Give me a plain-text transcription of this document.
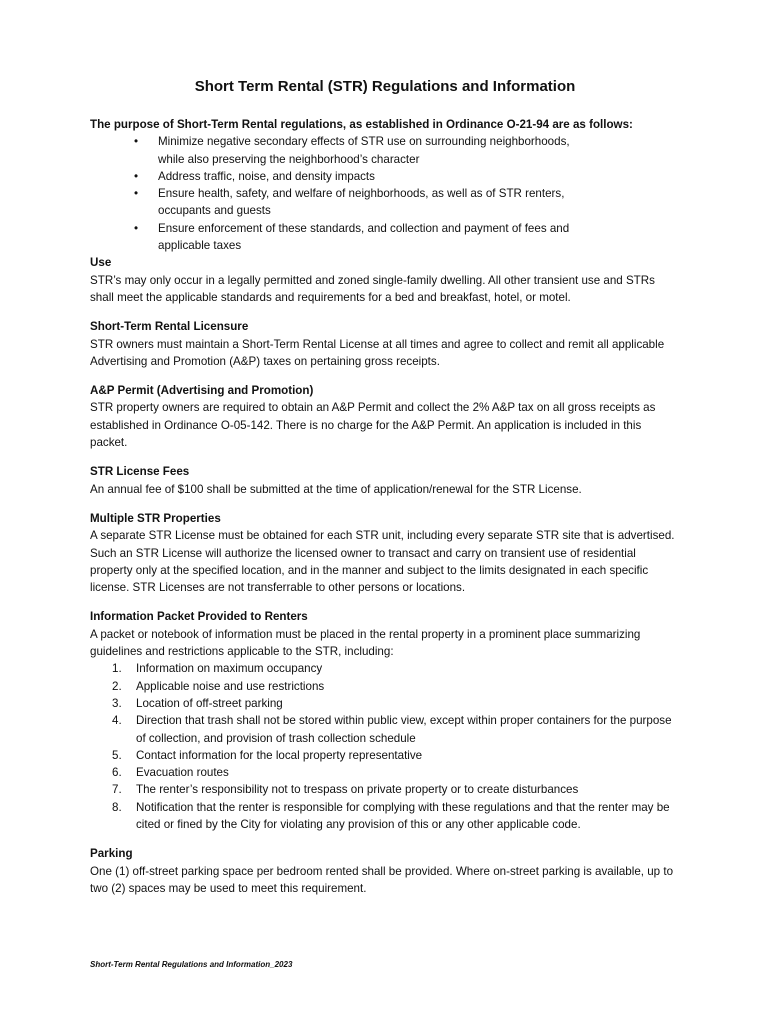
Short Term Rental (STR) Regulations and Information

The purpose of Short-Term Rental regulations, as established in Ordinance O-21-94 are as follows:

• Minimize negative secondary effects of STR use on surrounding neighborhoods, while also preserving the neighborhood’s character
• Address traffic, noise, and density impacts
• Ensure health, safety, and welfare of neighborhoods, as well as of STR renters, occupants and guests
• Ensure enforcement of these standards, and collection and payment of fees and applicable taxes

Use

STR’s may only occur in a legally permitted and zoned single-family dwelling. All other transient use and STRs shall meet the applicable standards and requirements for a bed and breakfast, hotel, or motel.

Short-Term Rental Licensure

STR owners must maintain a Short-Term Rental License at all times and agree to collect and remit all applicable Advertising and Promotion (A&P) taxes on pertaining gross receipts.

A&P Permit (Advertising and Promotion)

STR property owners are required to obtain an A&P Permit and collect the 2% A&P tax on all gross receipts as established in Ordinance O-05-142. There is no charge for the A&P Permit. An application is included in this packet.

STR License Fees

An annual fee of $100 shall be submitted at the time of application/renewal for the STR License.

Multiple STR Properties

A separate STR License must be obtained for each STR unit, including every separate STR site that is advertised. Such an STR License will authorize the licensed owner to transact and carry on transient use of residential property only at the specified location, and in the manner and subject to the limits designated in each specific license. STR Licenses are not transferrable to other persons or locations.

Information Packet Provided to Renters

A packet or notebook of information must be placed in the rental property in a prominent place summarizing guidelines and restrictions applicable to the STR, including:

1. Information on maximum occupancy
2. Applicable noise and use restrictions
3. Location of off-street parking
4. Direction that trash shall not be stored within public view, except within proper containers for the purpose of collection, and provision of trash collection schedule
5. Contact information for the local property representative
6. Evacuation routes
7. The renter’s responsibility not to trespass on private property or to create disturbances
8. Notification that the renter is responsible for complying with these regulations and that the renter may be cited or fined by the City for violating any provision of this or any other applicable code.

Parking

One (1) off-street parking space per bedroom rented shall be provided. Where on-street parking is available, up to two (2) spaces may be used to meet this requirement.

Short-Term Rental Regulations and Information_2023
